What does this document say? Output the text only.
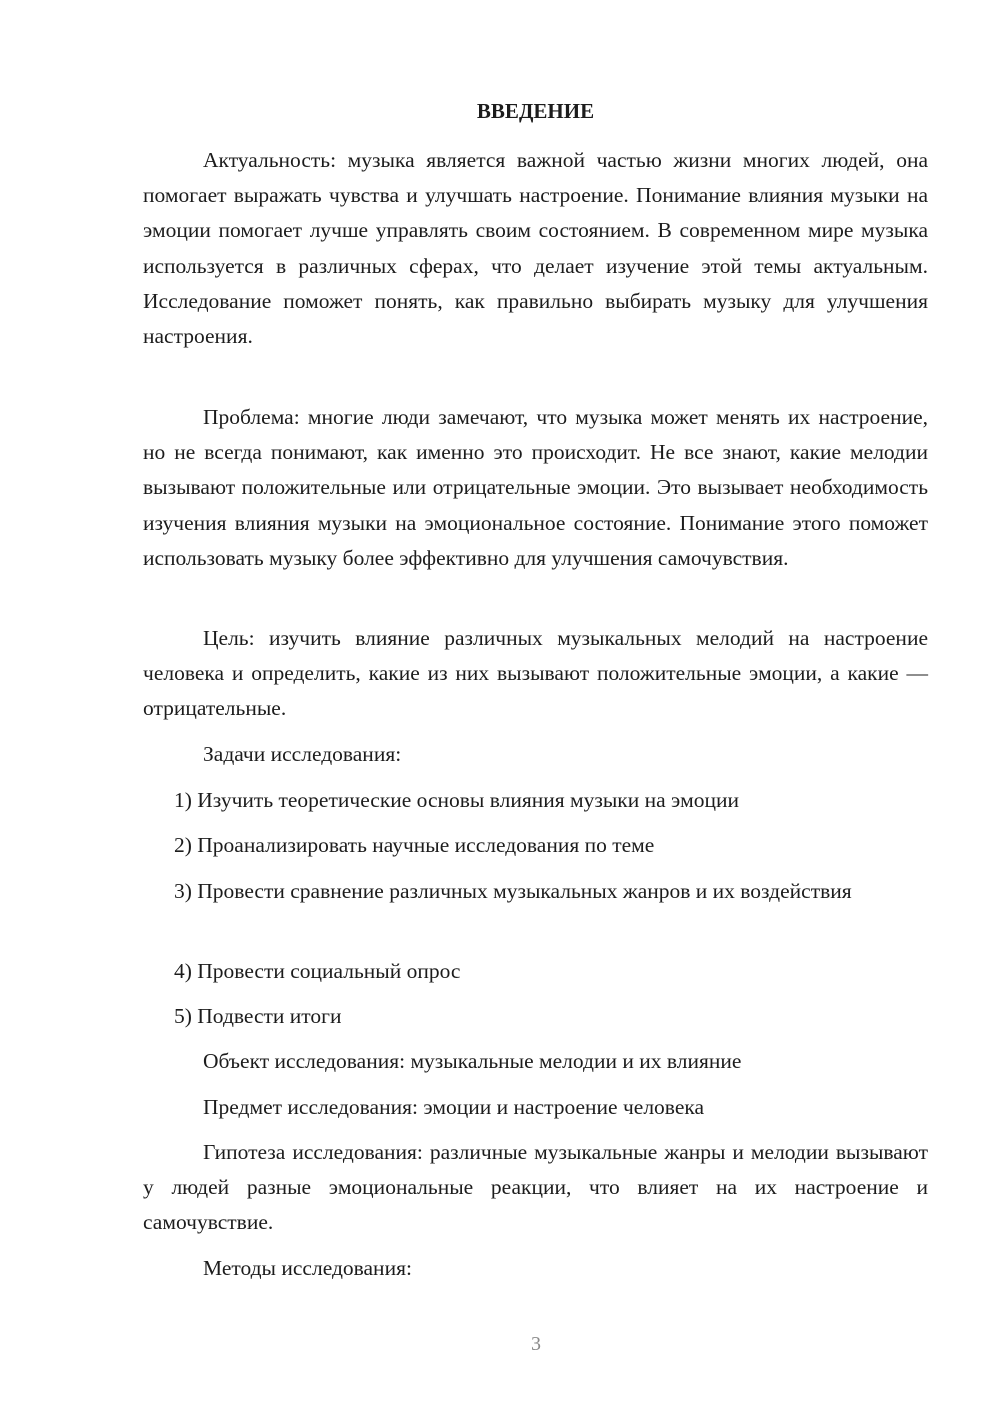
ВВЕДЕНИЕ

Актуальность: музыка является важной частью жизни многих людей, она помогает выражать чувства и улучшать настроение. Понимание влияния музыки на эмоции помогает лучше управлять своим состоянием. В современном мире музыка используется в различных сферах, что делает изучение этой темы актуальным. Исследование поможет понять, как правильно выбирать музыку для улучшения настроения.

Проблема: многие люди замечают, что музыка может менять их настроение, но не всегда понимают, как именно это происходит. Не все знают, какие мелодии вызывают положительные или отрицательные эмоции. Это вызывает необходимость изучения влияния музыки на эмоциональное состояние. Понимание этого поможет использовать музыку более эффективно для улучшения самочувствия.

Цель: изучить влияние различных музыкальных мелодий на настроение человека и определить, какие из них вызывают положительные эмоции, а какие — отрицательные.

Задачи исследования:

1) Изучить теоретические основы влияния музыки на эмоции

2) Проанализировать научные исследования по теме

3) Провести сравнение различных музыкальных жанров и их воздействия

4) Провести социальный опрос

5) Подвести итоги

Объект исследования: музыкальные мелодии и их влияние

Предмет исследования: эмоции и настроение человека

Гипотеза исследования: различные музыкальные жанры и мелодии вызывают у людей разные эмоциональные реакции, что влияет на их настроение и самочувствие.

Методы исследования:

3
